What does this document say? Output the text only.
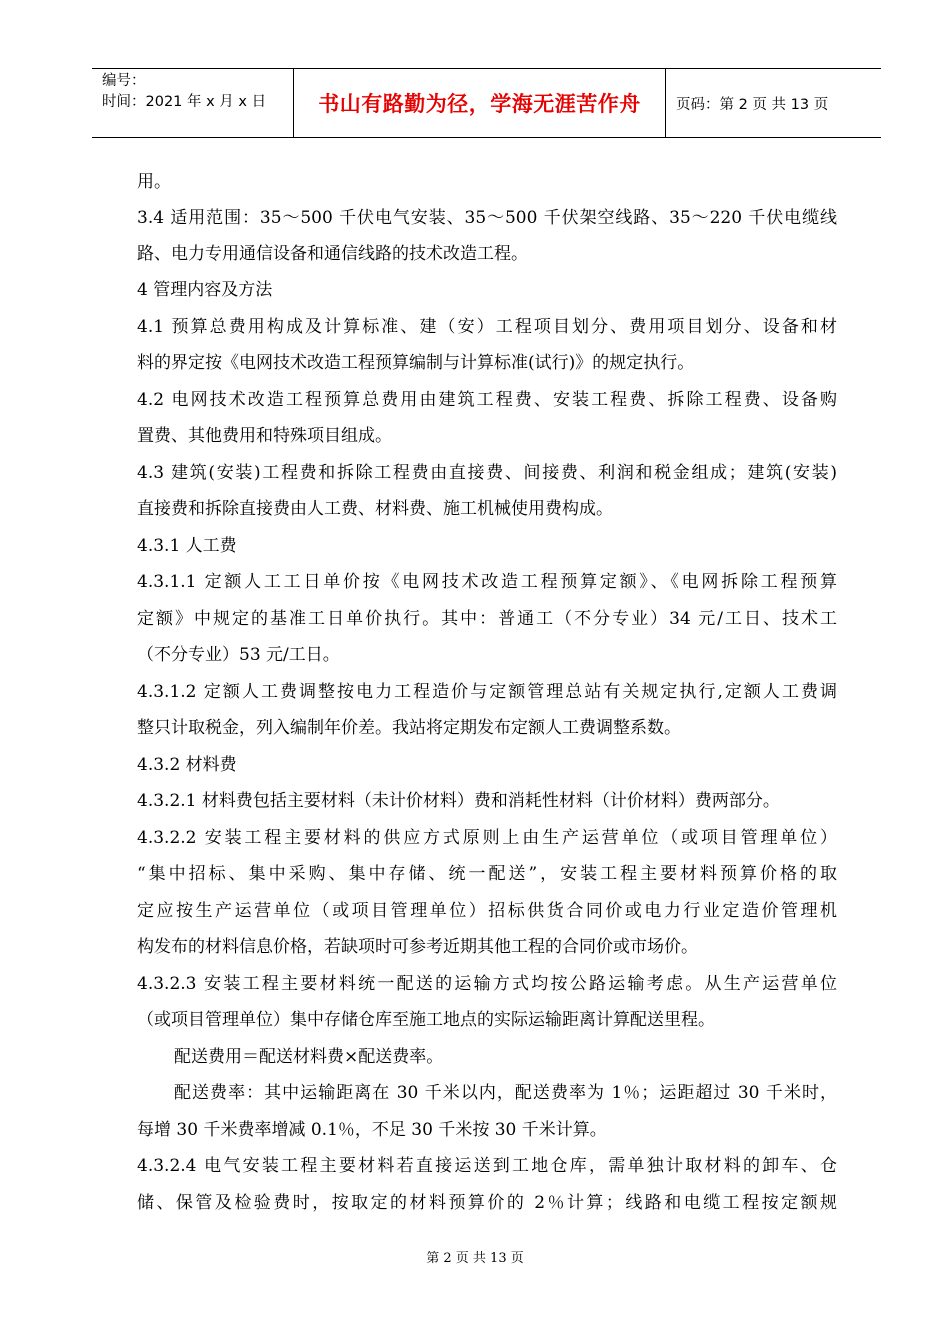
编号：
时间：2021 年 x 月 x 日	书山有路勤为径，学海无涯苦作舟	页码：第 2 页 共 13 页
用。
3.4 适用范围：35～500 千伏电气安装、35～500 千伏架空线路、35～220 千伏电缆线
路、电力专用通信设备和通信线路的技术改造工程。
4 管理内容及方法
4.1 预算总费用构成及计算标准、建（安）工程项目划分、费用项目划分、设备和材
料的界定按《电网技术改造工程预算编制与计算标准(试行)》的规定执行。
4.2 电网技术改造工程预算总费用由建筑工程费、安装工程费、拆除工程费、设备购
置费、其他费用和特殊项目组成。
4.3 建筑(安装)工程费和拆除工程费由直接费、间接费、利润和税金组成；建筑(安装)
直接费和拆除直接费由人工费、材料费、施工机械使用费构成。
4.3.1 人工费
4.3.1.1 定额人工工日单价按《电网技术改造工程预算定额》、《电网拆除工程预算
定额》中规定的基准工日单价执行。其中：普通工（不分专业）34 元/工日、技术工
（不分专业）53 元/工日。
4.3.1.2 定额人工费调整按电力工程造价与定额管理总站有关规定执行,定额人工费调
整只计取税金，列入编制年价差。我站将定期发布定额人工费调整系数。
4.3.2 材料费
4.3.2.1 材料费包括主要材料（未计价材料）费和消耗性材料（计价材料）费两部分。
4.3.2.2 安装工程主要材料的供应方式原则上由生产运营单位（或项目管理单位）
“集中招标、集中采购、集中存储、统一配送”，安装工程主要材料预算价格的取
定应按生产运营单位（或项目管理单位）招标供货合同价或电力行业定造价管理机
构发布的材料信息价格，若缺项时可参考近期其他工程的合同价或市场价。
4.3.2.3 安装工程主要材料统一配送的运输方式均按公路运输考虑。从生产运营单位
（或项目管理单位）集中存储仓库至施工地点的实际运输距离计算配送里程。
配送费用＝配送材料费×配送费率。
配送费率：其中运输距离在 30 千米以内，配送费率为 1％；运距超过 30 千米时，
每增 30 千米费率增减 0.1％，不足 30 千米按 30 千米计算。
4.3.2.4 电气安装工程主要材料若直接运送到工地仓库，需单独计取材料的卸车、仓
储、保管及检验费时，按取定的材料预算价的 2％计算；线路和电缆工程按定额规
第 2 页 共 13 页
